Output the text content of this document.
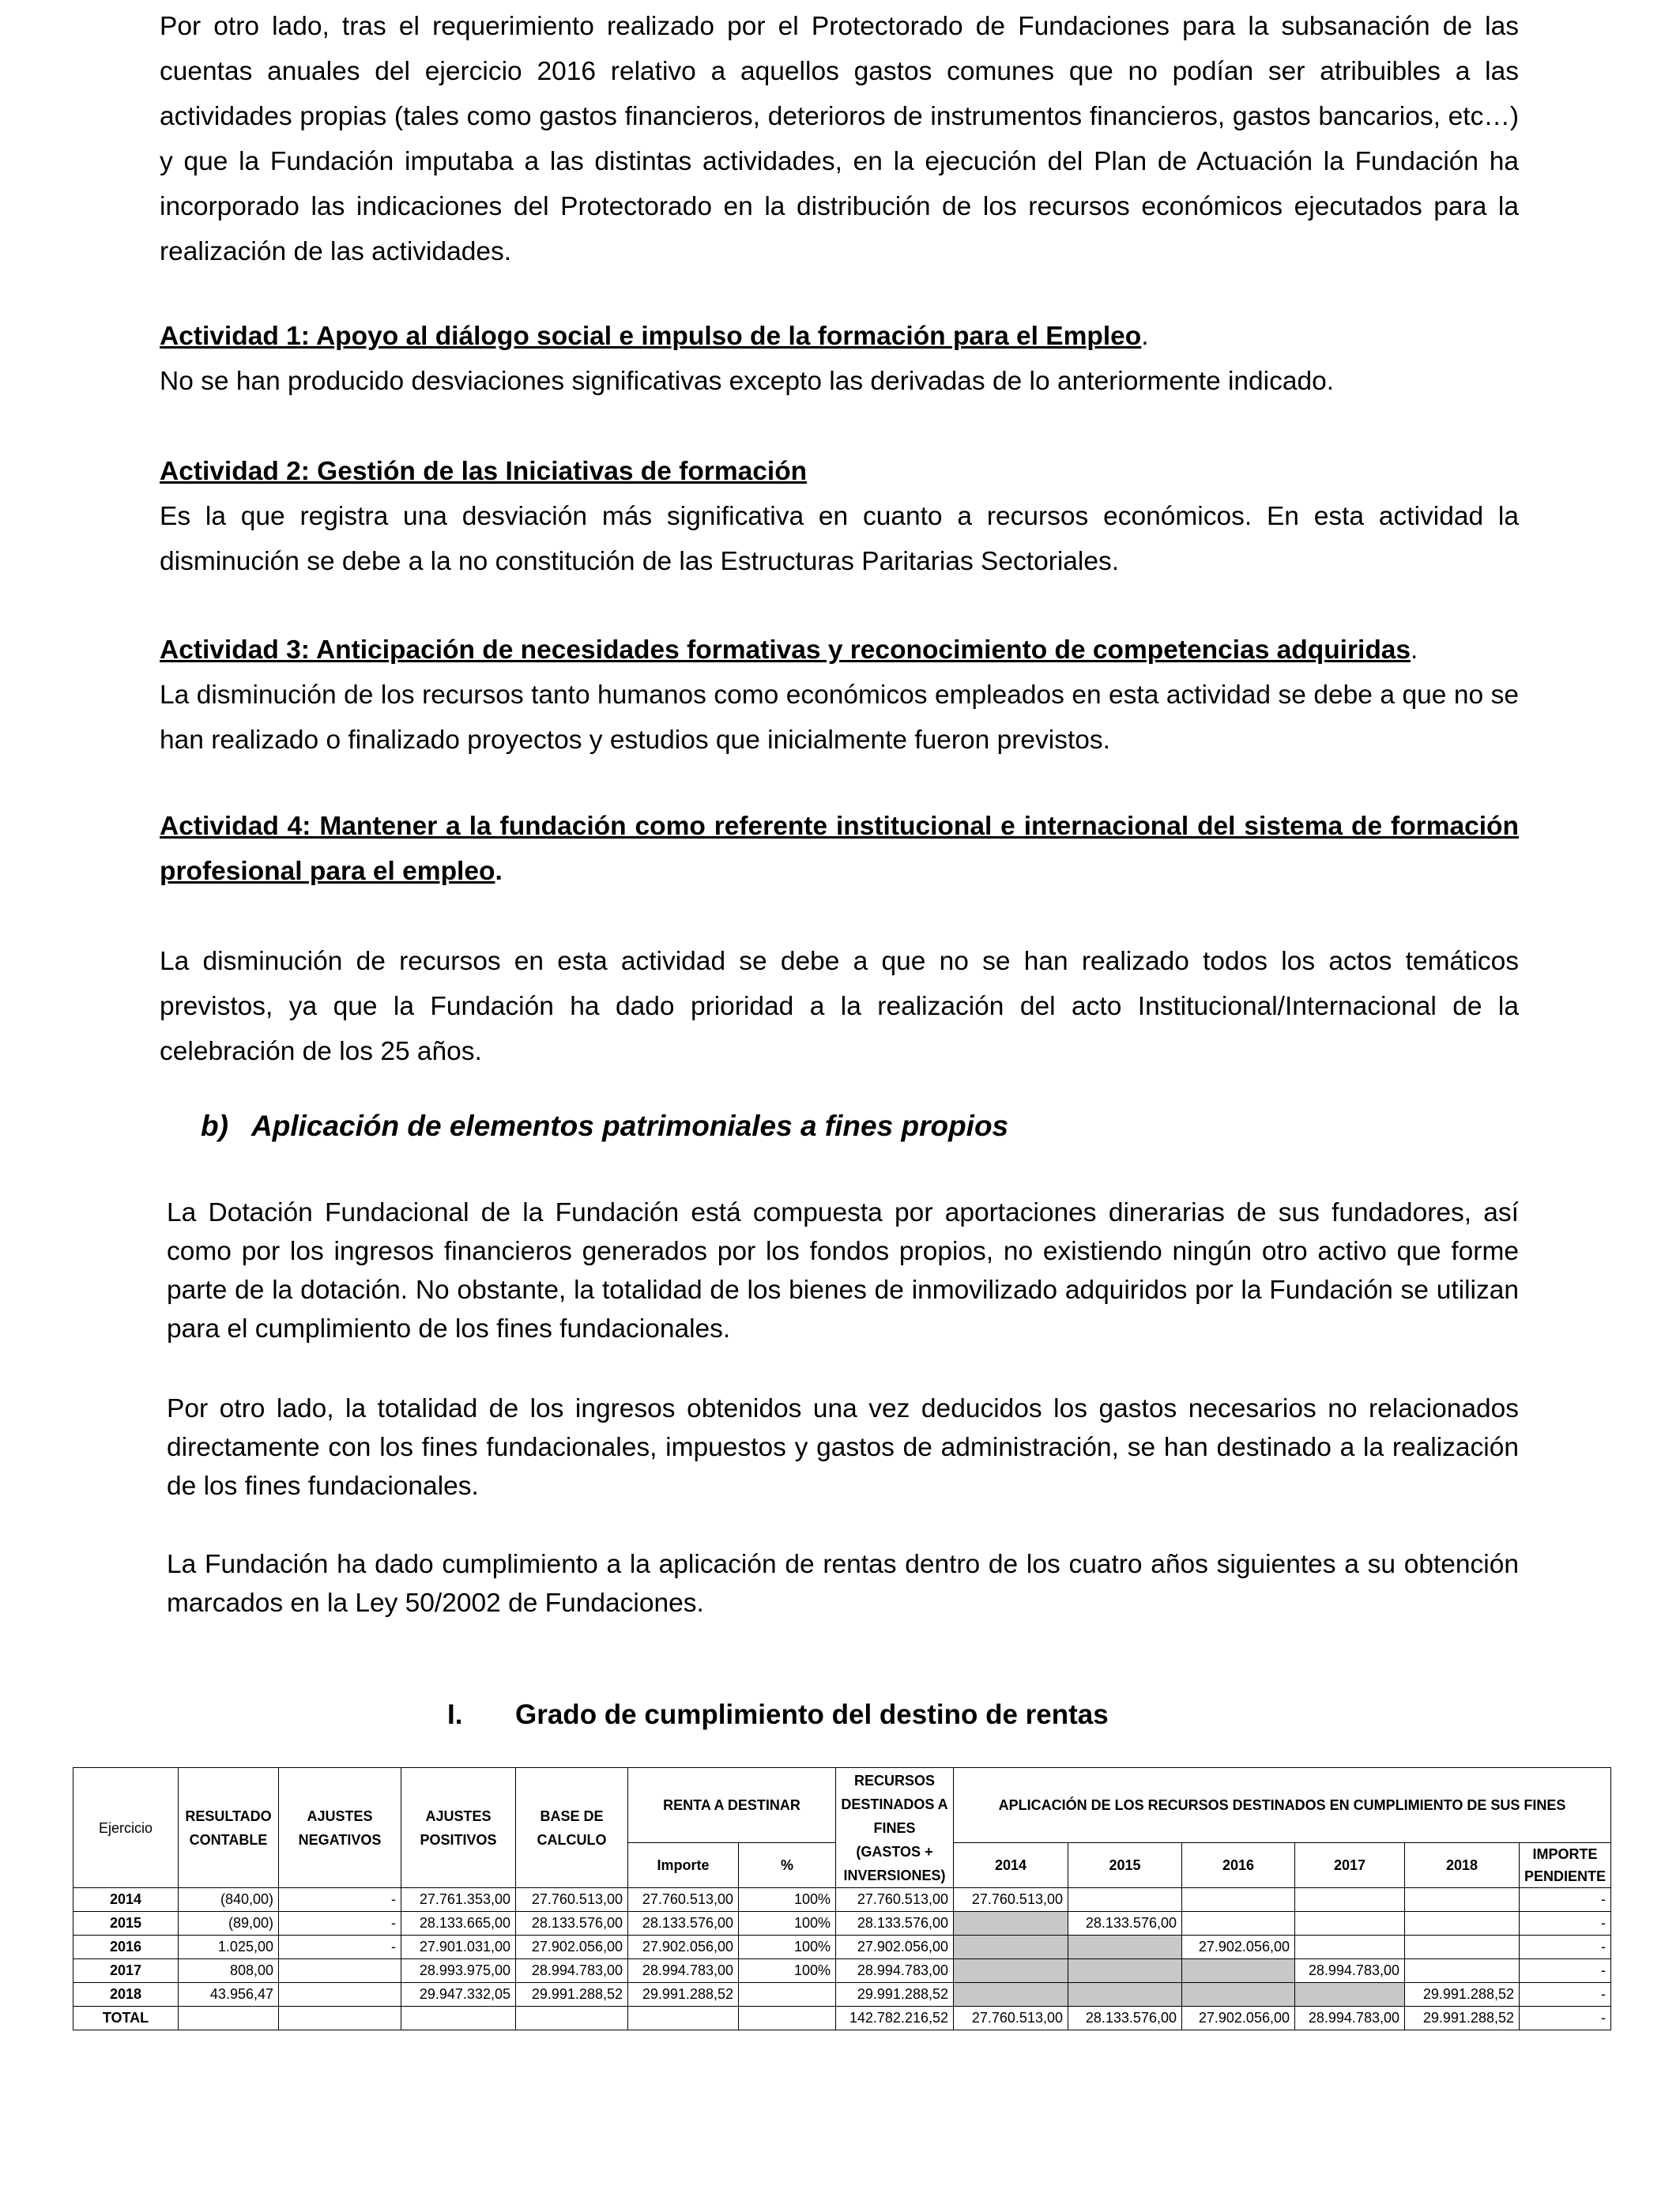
Por otro lado, tras el requerimiento realizado por el Protectorado de Fundaciones para la subsanación de las cuentas anuales del ejercicio 2016 relativo a aquellos gastos comunes que no podían ser atribuibles a las actividades propias (tales como gastos financieros, deterioros de instrumentos financieros, gastos bancarios, etc…) y que la Fundación imputaba a las distintas actividades, en la ejecución del Plan de Actuación la Fundación ha incorporado las indicaciones del Protectorado en la distribución de los recursos económicos ejecutados para la realización de las actividades.

Actividad 1: Apoyo al diálogo social e impulso de la formación para el Empleo.

No se han producido desviaciones significativas excepto las derivadas de lo anteriormente indicado.

Actividad 2: Gestión de las Iniciativas de formación

Es la que registra una desviación más significativa en cuanto a recursos económicos. En esta actividad la disminución se debe a la no constitución de las Estructuras Paritarias Sectoriales.

Actividad 3: Anticipación de necesidades formativas y reconocimiento de competencias adquiridas.

La disminución de los recursos tanto humanos como económicos empleados en esta actividad se debe a que no se han realizado o finalizado proyectos y estudios que inicialmente fueron previstos.

Actividad 4: Mantener a la fundación como referente institucional e internacional del sistema de formación profesional para el empleo.

La disminución de recursos en esta actividad se debe a que no se han realizado todos los actos temáticos previstos, ya que la Fundación ha dado prioridad a la realización del acto Institucional/Internacional de la celebración de los 25 años.

b) Aplicación de elementos patrimoniales a fines propios

La Dotación Fundacional de la Fundación está compuesta por aportaciones dinerarias de sus fundadores, así como por los ingresos financieros generados por los fondos propios, no existiendo ningún otro activo que forme parte de la dotación. No obstante, la totalidad de los bienes de inmovilizado adquiridos por la Fundación se utilizan para el cumplimiento de los fines fundacionales.

Por otro lado, la totalidad de los ingresos obtenidos una vez deducidos los gastos necesarios no relacionados directamente con los fines fundacionales, impuestos y gastos de administración, se han destinado a la realización de los fines fundacionales.

La Fundación ha dado cumplimiento a la aplicación de rentas dentro de los cuatro años siguientes a su obtención marcados en la Ley 50/2002 de Fundaciones.

I. Grado de cumplimiento del destino de rentas
Ejercicio	RESULTADO CONTABLE	AJUSTES NEGATIVOS	AJUSTES POSITIVOS	BASE DE CALCULO	RENTA A DESTINAR		RECURSOS DESTINADOS A FINES (GASTOS + INVERSIONES)	APLICACIÓN DE LOS RECURSOS DESTINADOS EN CUMPLIMIENTO DE SUS FINES					
					Importe	%		2014	2015	2016	2017	2018	IMPORTE PENDIENTE
2014	(840,00)	-	27.761.353,00	27.760.513,00	27.760.513,00	100%	27.760.513,00	27.760.513,00					-
2015	(89,00)	-	28.133.665,00	28.133.576,00	28.133.576,00	100%	28.133.576,00		28.133.576,00				-
2016	1.025,00	-	27.901.031,00	27.902.056,00	27.902.056,00	100%	27.902.056,00			27.902.056,00			-
2017	808,00		28.993.975,00	28.994.783,00	28.994.783,00	100%	28.994.783,00				28.994.783,00		-
2018	43.956,47		29.947.332,05	29.991.288,52	29.991.288,52		29.991.288,52					29.991.288,52	-
TOTAL							142.782.216,52	27.760.513,00	28.133.576,00	27.902.056,00	28.994.783,00	29.991.288,52	-
